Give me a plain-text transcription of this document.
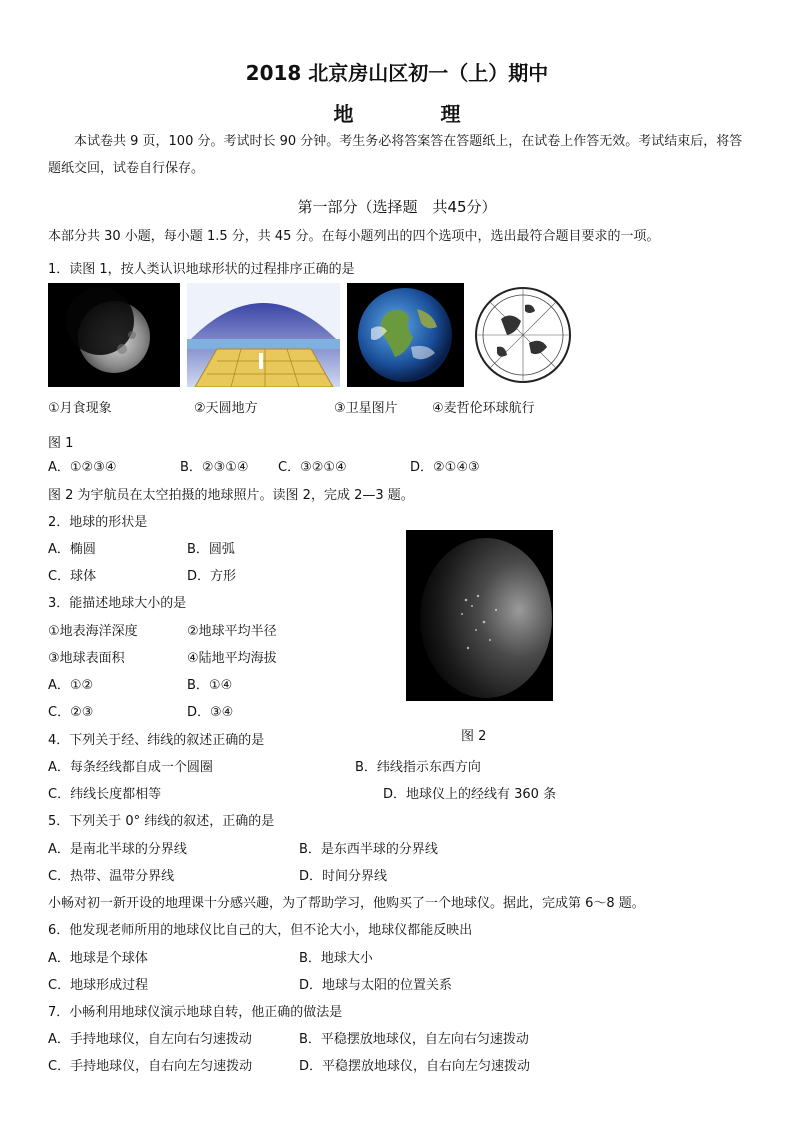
2018 北京房山区初一（上）期中
地 理
本试卷共 9 页，100 分。考试时长 90 分钟。考生务必将答案答在答题纸上，在试卷上作答无效。考试结束后，将答题纸交回，试卷自行保存。
第一部分（选择题　共45分）
本部分共 30 小题，每小题 1.5 分，共 45 分。在每小题列出的四个选项中，选出最符合题目要求的一项。
1．读图 1，按人类认识地球形状的过程排序正确的是
①月食现象	②天圆地方	③卫星图片	④麦哲伦环球航行
图 1
A．①②③④	B．②③①④ C．③②①④	D．②①④③
图 2 为宇航员在太空拍摄的地球照片。读图 2，完成 2—3 题。
图 2
2．地球的形状是
A．椭圆	B．圆弧
C．球体	D．方形
3．能描述地球大小的是
①地表海洋深度	②地球平均半径
③地球表面积	④陆地平均海拔
A．①②	B．①④
C．②③	D．③④
4．下列关于经、纬线的叙述正确的是
A．每条经线都自成一个圆圈	B．纬线指示东西方向
C．纬线长度都相等	D．地球仪上的经线有 360 条
5．下列关于 0° 纬线的叙述，正确的是
A．是南北半球的分界线	B．是东西半球的分界线
C．热带、温带分界线	D．时间分界线
小畅对初一新开设的地理课十分感兴趣，为了帮助学习，他购买了一个地球仪。据此，完成第 6～8 题。
6．他发现老师所用的地球仪比自己的大，但不论大小，地球仪都能反映出
A．地球是个球体	B．地球大小
C．地球形成过程	D．地球与太阳的位置关系
7．小畅利用地球仪演示地球自转，他正确的做法是
A．手持地球仪，自左向右匀速拨动	B．平稳摆放地球仪，自左向右匀速拨动
C．手持地球仪，自右向左匀速拨动	D．平稳摆放地球仪，自右向左匀速拨动
